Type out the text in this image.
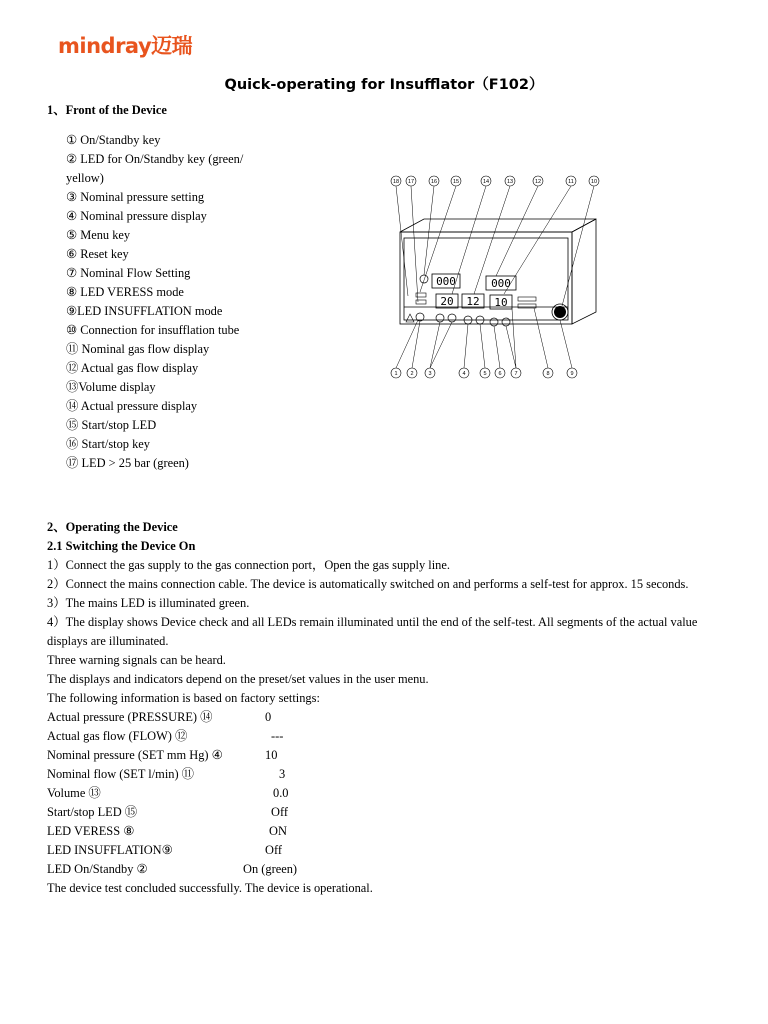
mindray迈瑞
Quick-operating for Insufflator（F102）
1、Front of the Device
① On/Standby key
② LED for On/Standby key (green/ yellow)
③ Nominal pressure setting
④ Nominal pressure display
⑤ Menu key
⑥ Reset key
⑦ Nominal Flow Setting
⑧ LED VERESS mode
⑨LED INSUFFLATION mode
⑩ Connection for insufflation tube
⑪ Nominal gas flow display
⑫ Actual gas flow display
⑬Volume display
⑭ Actual pressure display
⑮ Start/stop LED
⑯ Start/stop key
⑰ LED > 25 bar (green)
000	000
20 12 10
18 17	16	15	14	13	12	11	10
1 2	3	4	5 6 7	8	9
2、Operating the Device
2.1 Switching the Device On
1）Connect the gas supply to the gas connection port，Open the gas supply line.
2）Connect the mains connection cable. The device is automatically switched on and performs a self-test for approx. 15 seconds.
3）The mains LED is illuminated green.
4）The display shows Device check and all LEDs remain illuminated until the end of the self-test. All segments of the actual value displays are illuminated.
Three warning signals can be heard.
The displays and indicators depend on the preset/set values in the user menu.
The following information is based on factory settings:
Actual pressure (PRESSURE) ⑭	0
Actual gas flow (FLOW) ⑫	---
Nominal pressure (SET mm Hg) ④	10
Nominal flow (SET l/min) ⑪	3
Volume ⑬	0.0
Start/stop LED ⑮	Off
LED VERESS ⑧	ON
LED INSUFFLATION⑨	Off
LED On/Standby ②	On (green)
The device test concluded successfully. The device is operational.
